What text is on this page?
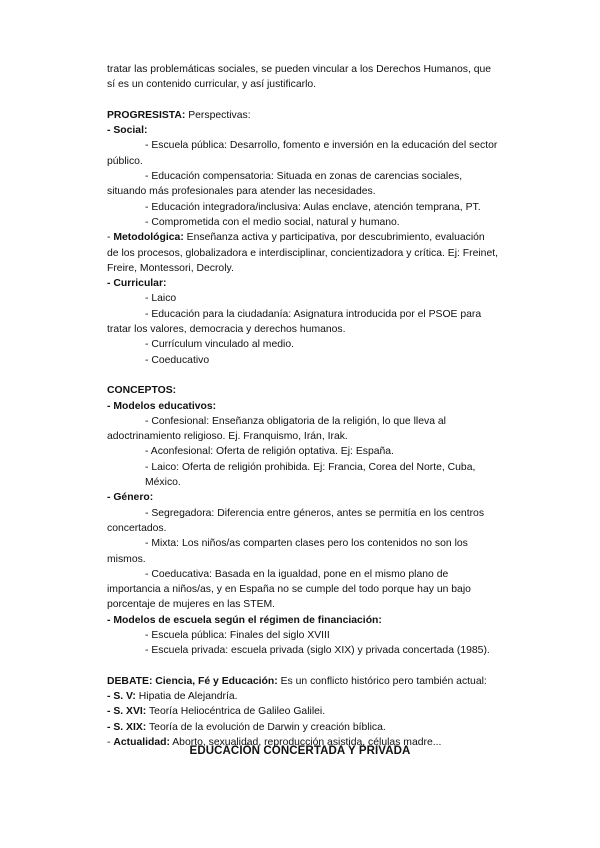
tratar las problemáticas sociales, se pueden vincular a los Derechos Humanos, que

sí es un contenido curricular, y así justificarlo.

PROGRESISTA: Perspectivas:

- Social:

- Escuela pública: Desarrollo, fomento e inversión en la educación del sector

público.

- Educación compensatoria: Situada en zonas de carencias sociales,

situando más profesionales para atender las necesidades.

- Educación integradora/inclusiva: Aulas enclave, atención temprana, PT.

- Comprometida con el medio social, natural y humano.

- Metodológica: Enseñanza activa y participativa, por descubrimiento, evaluación

de los procesos, globalizadora e interdisciplinar, concientizadora y crítica. Ej: Freinet,

Freire, Montessori, Decroly.

- Curricular:

- Laico

- Educación para la ciudadanía: Asignatura introducida por el PSOE para

tratar los valores, democracia y derechos humanos.

- Currículum vinculado al medio.

- Coeducativo

CONCEPTOS:

- Modelos educativos:

- Confesional: Enseñanza obligatoria de la religión, lo que lleva al

adoctrinamiento religioso. Ej. Franquismo, Irán, Irak.

- Aconfesional: Oferta de religión optativa. Ej: España.

- Laico: Oferta de religión prohibida. Ej: Francia, Corea del Norte, Cuba,

México.

- Género:

- Segregadora: Diferencia entre géneros, antes se permitía en los centros

concertados.

- Mixta: Los niños/as comparten clases pero los contenidos no son los

mismos.

- Coeducativa: Basada en la igualdad, pone en el mismo plano de

importancia a niños/as, y en España no se cumple del todo porque hay un bajo

porcentaje de mujeres en las STEM.

- Modelos de escuela según el régimen de financiación:

- Escuela pública: Finales del siglo XVIII

- Escuela privada: escuela privada (siglo XIX) y privada concertada (1985).

DEBATE: Ciencia, Fé y Educación: Es un conflicto histórico pero también actual:

- S. V: Hipatia de Alejandría.

- S. XVI: Teoría Heliocéntrica de Galileo Galilei.

- S. XIX: Teoría de la evolución de Darwin y creación bíblica.

- Actualidad: Aborto, sexualidad, reproducción asistida, células madre...

EDUCACIÓN CONCERTADA Y PRIVADA
